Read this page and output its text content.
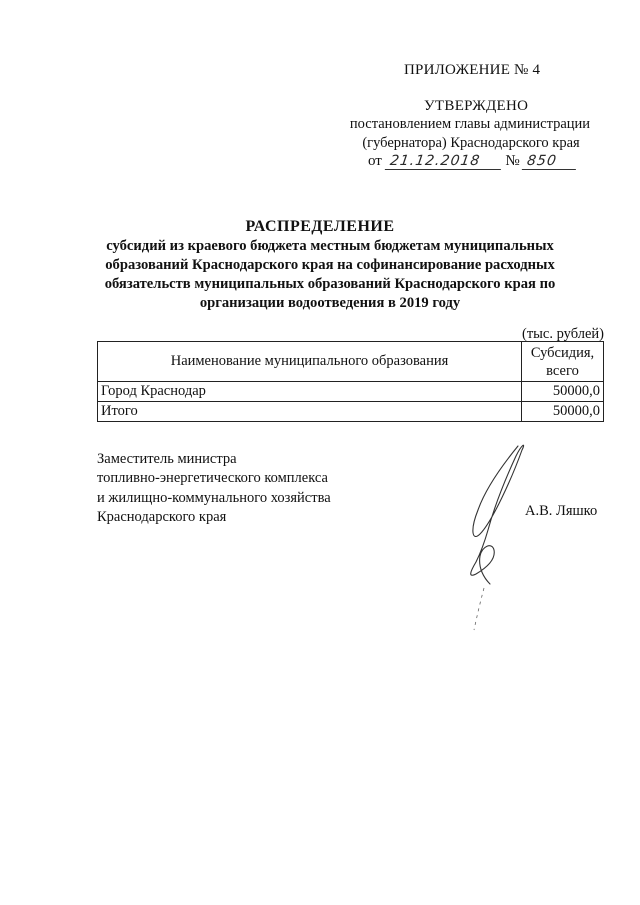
ПРИЛОЖЕНИЕ № 4
УТВЕРЖДЕНО
постановлением главы администрации
(губернатора) Краснодарского края
от 21.12.2018 № 850
РАСПРЕДЕЛЕНИЕ
субсидий из краевого бюджета местным бюджетам муниципальных образований Краснодарского края на софинансирование расходных обязательств муниципальных образований Краснодарского края по организации водоотведения в 2019 году
(тыс. рублей)
Наименование муниципального образования	Субсидия, всего
Город Краснодар	50000,0
Итого	50000,0
Заместитель министра
топливно-энергетического комплекса
и жилищно-коммунального хозяйства
Краснодарского края	А.В. Ляшко
